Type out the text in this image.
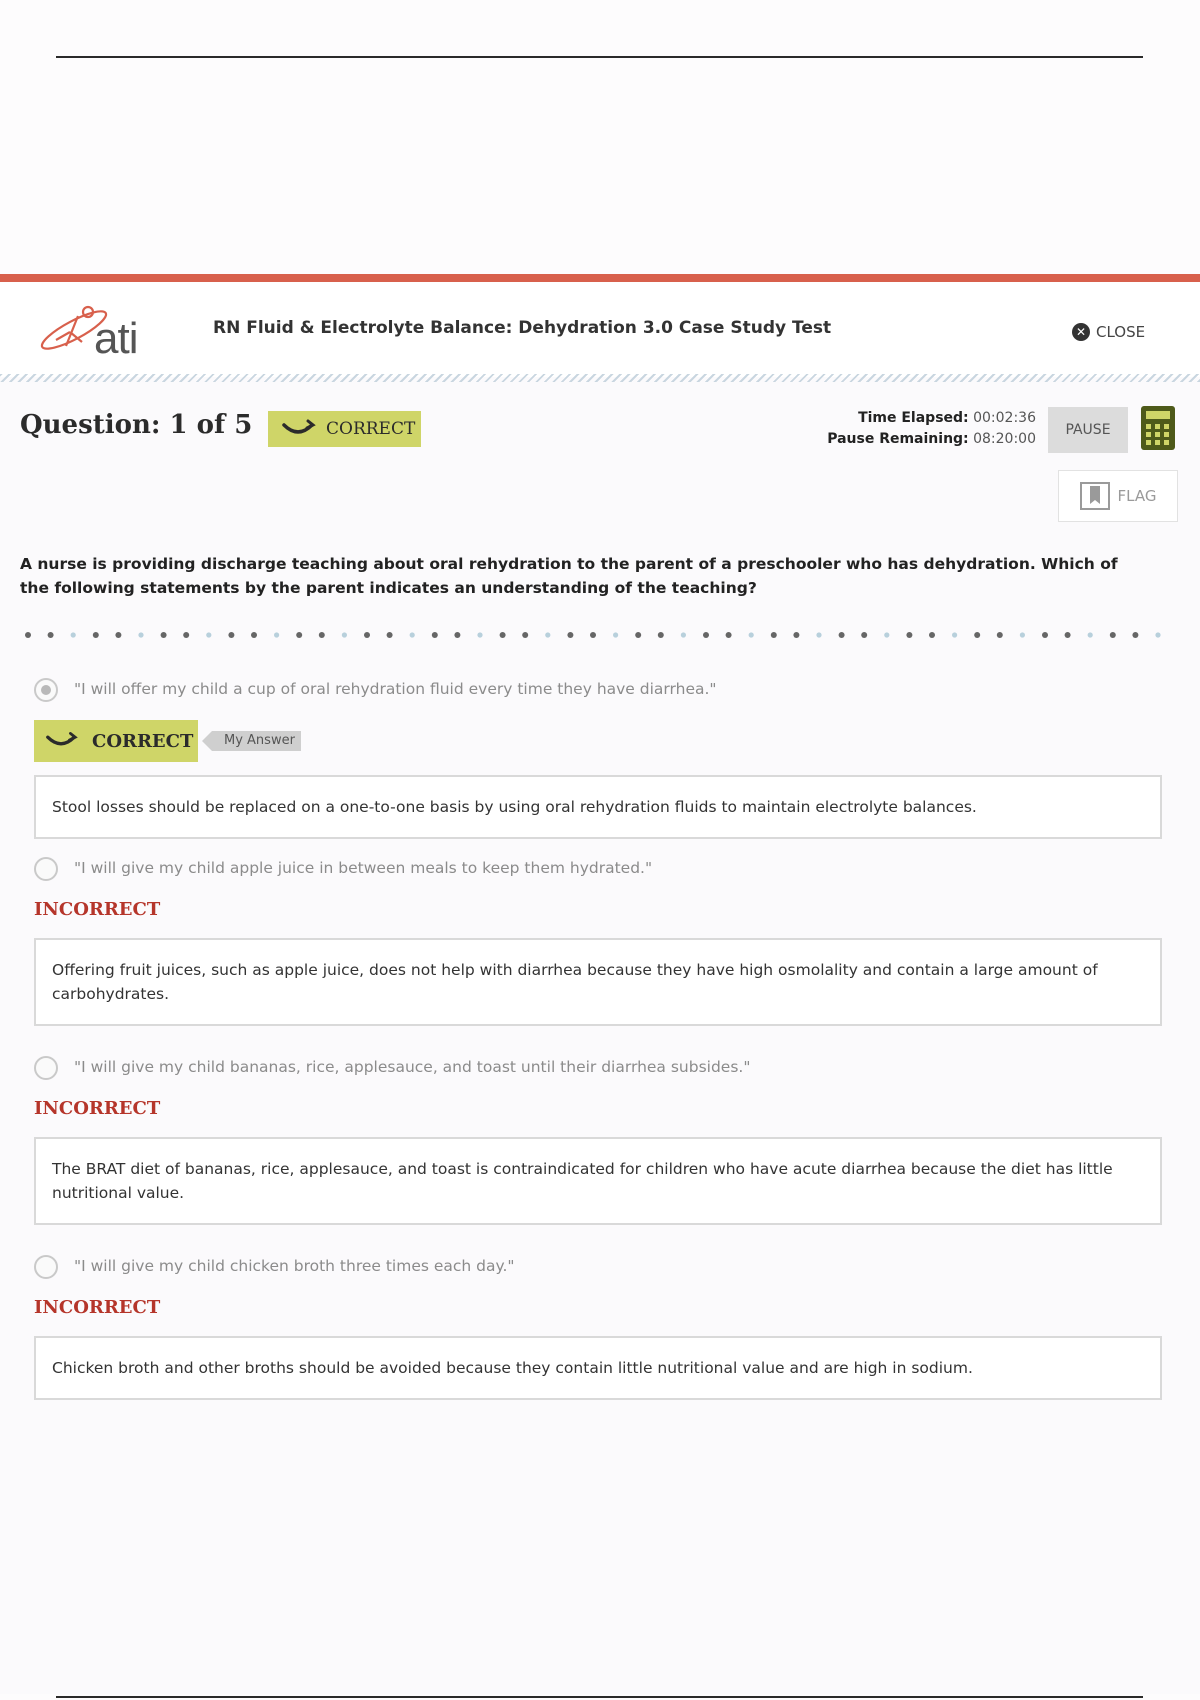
ati	RN Fluid & Electrolyte Balance: Dehydration 3.0 Case Study Test	✕ CLOSE
Question: 1 of 5	CORRECT
Time Elapsed: 00:02:36
Pause Remaining: 08:20:00
PAUSE
FLAG
A nurse is providing discharge teaching about oral rehydration to the parent of a preschooler who has dehydration. Which of the following statements by the parent indicates an understanding of the teaching?
"I will offer my child a cup of oral rehydration fluid every time they have diarrhea."
CORRECT	My Answer
Stool losses should be replaced on a one-to-one basis by using oral rehydration fluids to maintain electrolyte balances.
"I will give my child apple juice in between meals to keep them hydrated."
INCORRECT
Offering fruit juices, such as apple juice, does not help with diarrhea because they have high osmolality and contain a large amount of carbohydrates.
"I will give my child bananas, rice, applesauce, and toast until their diarrhea subsides."
INCORRECT
The BRAT diet of bananas, rice, applesauce, and toast is contraindicated for children who have acute diarrhea because the diet has little nutritional value.
"I will give my child chicken broth three times each day."
INCORRECT
Chicken broth and other broths should be avoided because they contain little nutritional value and are high in sodium.
